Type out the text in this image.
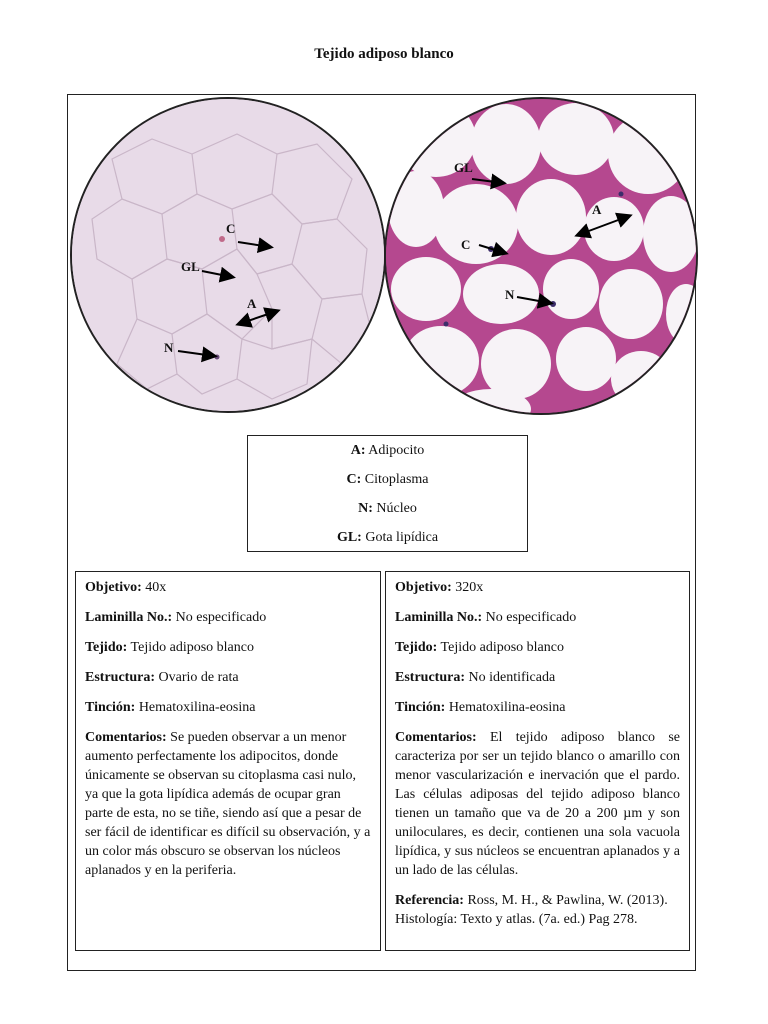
Tejido adiposo blanco
C
GL
A
N
GL
A
C
N
A: Adipocito
C: Citoplasma
N: Núcleo
GL: Gota lipídica

Objetivo: 40x

Laminilla No.: No especificado

Tejido: Tejido adiposo blanco

Estructura: Ovario de rata

Tinción: Hematoxilina-eosina

Comentarios: Se pueden observar a un menor aumento perfectamente los adipocitos, donde únicamente se observan su citoplasma casi nulo, ya que la gota lipídica además de ocupar gran parte de esta, no se tiñe, siendo así que a pesar de ser fácil de identificar es difícil su observación, y a un color más obscuro se observan los núcleos aplanados y en la periferia.

Objetivo: 320x

Laminilla No.: No especificado

Tejido: Tejido adiposo blanco

Estructura: No identificada

Tinción: Hematoxilina-eosina

Comentarios: El tejido adiposo blanco se caracteriza por ser un tejido blanco o amarillo con menor vascularización e inervación que el pardo. Las células adiposas del tejido adiposo blanco tienen un tamaño que va de 20 a 200 µm y son uniloculares, es decir, contienen una sola vacuola lipídica, y sus núcleos se encuentran aplanados y a un lado de las células.

Referencia: Ross, M. H., & Pawlina, W. (2013). Histología: Texto y atlas. (7a. ed.) Pag 278.
